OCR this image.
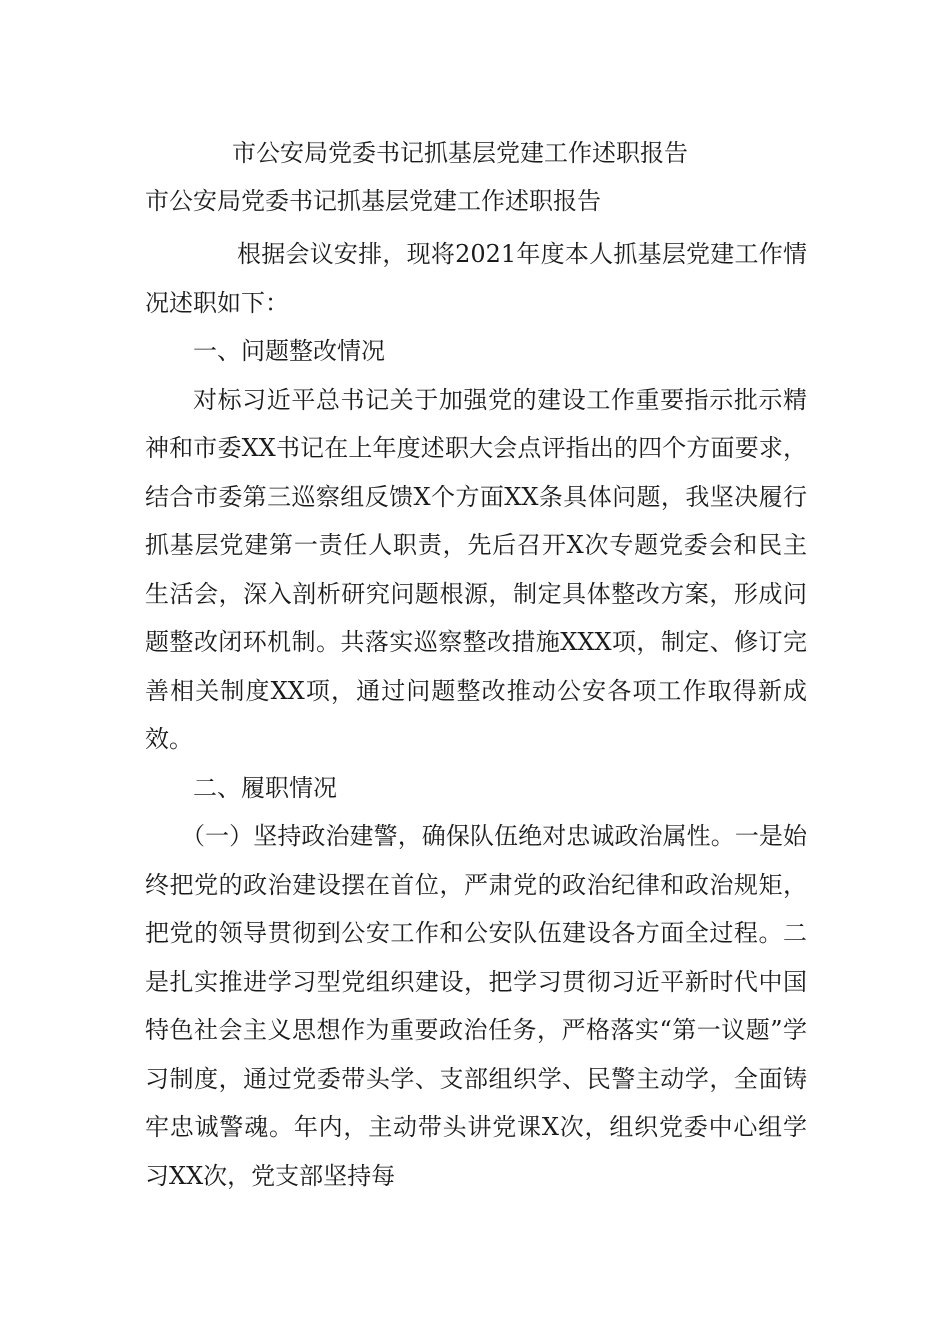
市公安局党委书记抓基层党建工作述职报告
市公安局党委书记抓基层党建工作述职报告

根据会议安排，现将2021年度本人抓基层党建工作情况述职如下：

一、问题整改情况

对标习近平总书记关于加强党的建设工作重要指示批示精神和市委XX书记在上年度述职大会点评指出的四个方面要求，结合市委第三巡察组反馈X个方面XX条具体问题，我坚决履行抓基层党建第一责任人职责，先后召开X次专题党委会和民主生活会，深入剖析研究问题根源，制定具体整改方案，形成问题整改闭环机制。共落实巡察整改措施XXX项，制定、修订完善相关制度XX项，通过问题整改推动公安各项工作取得新成效。

二、履职情况

（一）坚持政治建警，确保队伍绝对忠诚政治属性。一是始终把党的政治建设摆在首位，严肃党的政治纪律和政治规矩，把党的领导贯彻到公安工作和公安队伍建设各方面全过程。二是扎实推进学习型党组织建设，把学习贯彻习近平新时代中国特色社会主义思想作为重要政治任务，严格落实“第一议题”学习制度，通过党委带头学、支部组织学、民警主动学，全面铸牢忠诚警魂。年内，主动带头讲党课X次，组织党委中心组学习XX次，党支部坚持每
